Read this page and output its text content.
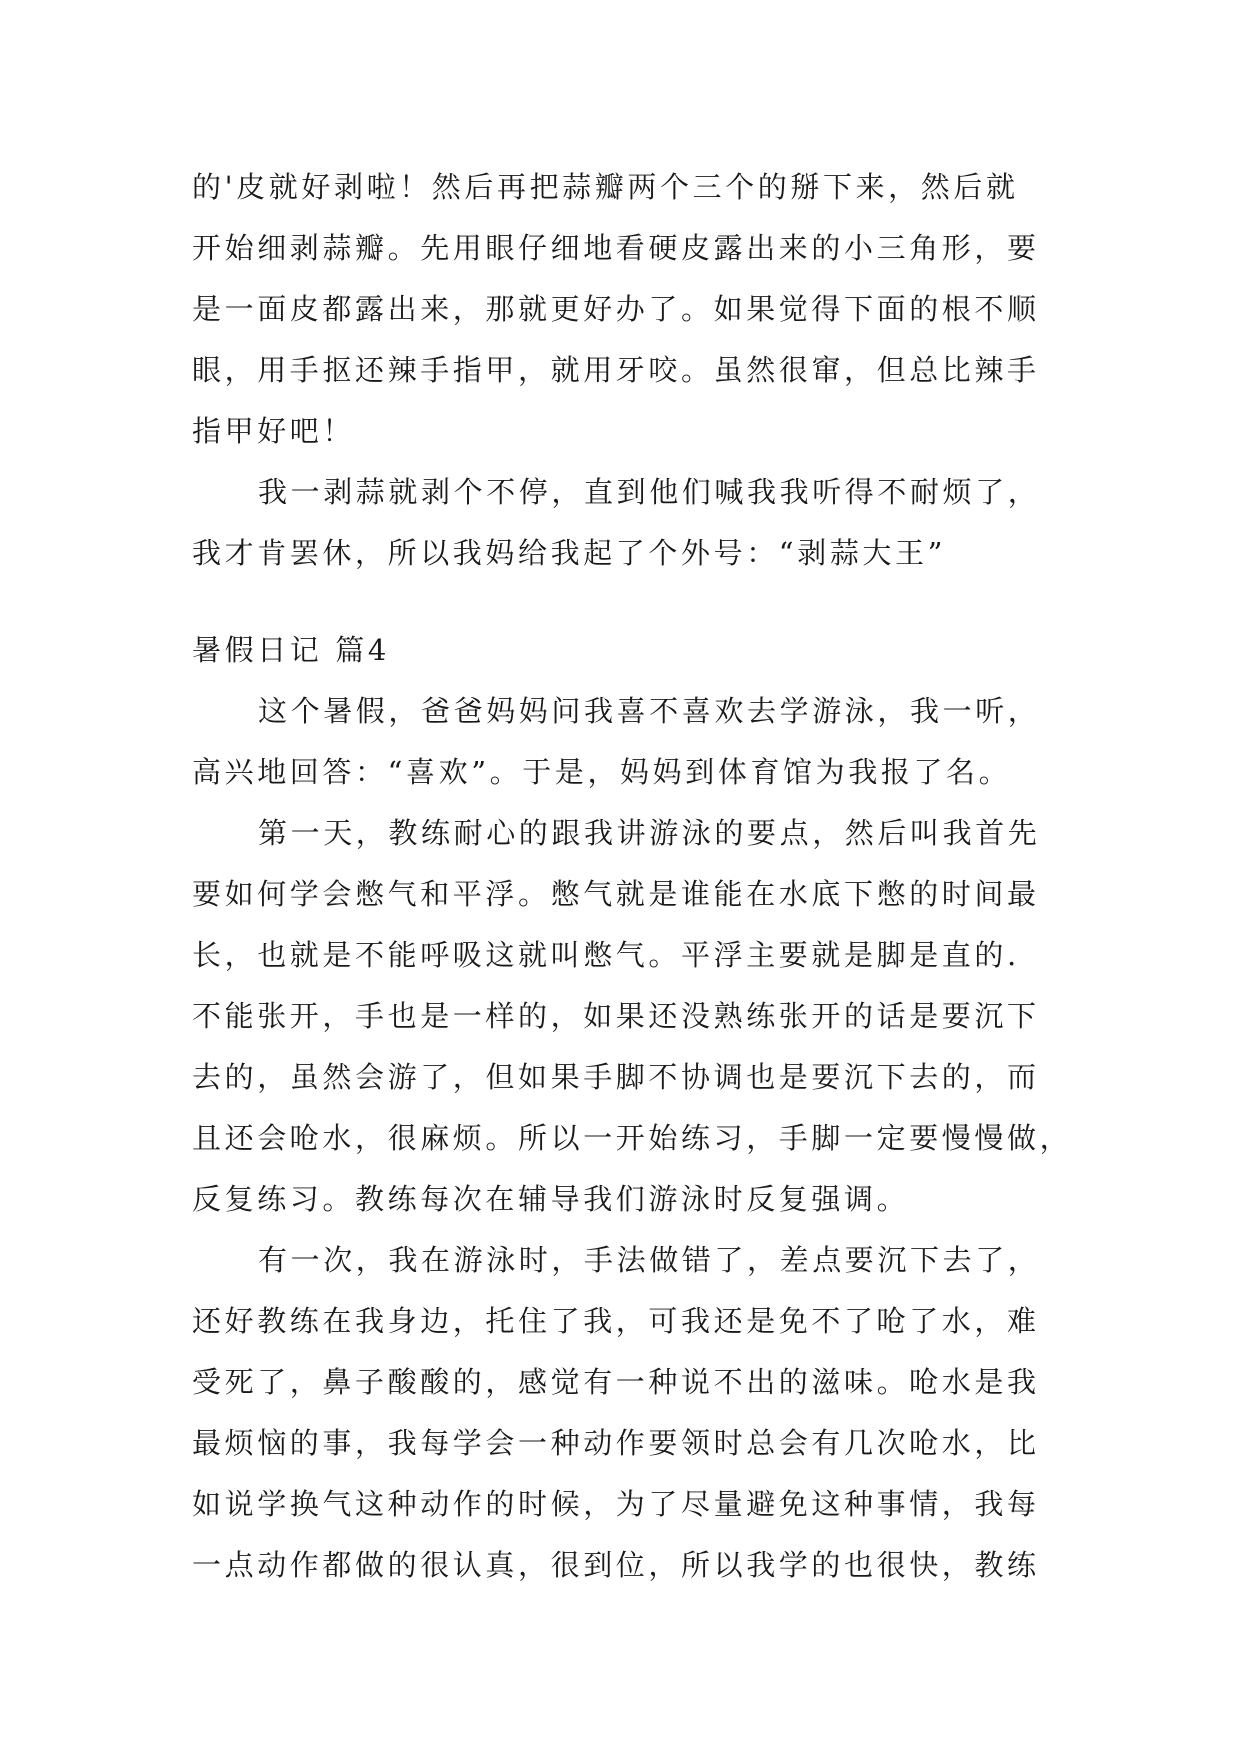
的'皮就好剥啦！然后再把蒜瓣两个三个的掰下来，然后就
开始细剥蒜瓣。先用眼仔细地看硬皮露出来的小三角形，要
是一面皮都露出来，那就更好办了。如果觉得下面的根不顺
眼，用手抠还辣手指甲，就用牙咬。虽然很窜，但总比辣手
指甲好吧！
我一剥蒜就剥个不停，直到他们喊我我听得不耐烦了，
我才肯罢休，所以我妈给我起了个外号：“剥蒜大王”
暑假日记 篇4
这个暑假，爸爸妈妈问我喜不喜欢去学游泳，我一听，
高兴地回答：“喜欢”。于是，妈妈到体育馆为我报了名。
第一天，教练耐心的跟我讲游泳的要点，然后叫我首先
要如何学会憋气和平浮。憋气就是谁能在水底下憋的时间最
长，也就是不能呼吸这就叫憋气。平浮主要就是脚是直的.
不能张开，手也是一样的，如果还没熟练张开的话是要沉下
去的，虽然会游了，但如果手脚不协调也是要沉下去的，而
且还会呛水，很麻烦。所以一开始练习，手脚一定要慢慢做，
反复练习。教练每次在辅导我们游泳时反复强调。
有一次，我在游泳时，手法做错了，差点要沉下去了，
还好教练在我身边，托住了我，可我还是免不了呛了水，难
受死了，鼻子酸酸的，感觉有一种说不出的滋味。呛水是我
最烦恼的事，我每学会一种动作要领时总会有几次呛水，比
如说学换气这种动作的时候，为了尽量避免这种事情，我每
一点动作都做的很认真，很到位，所以我学的也很快，教练
